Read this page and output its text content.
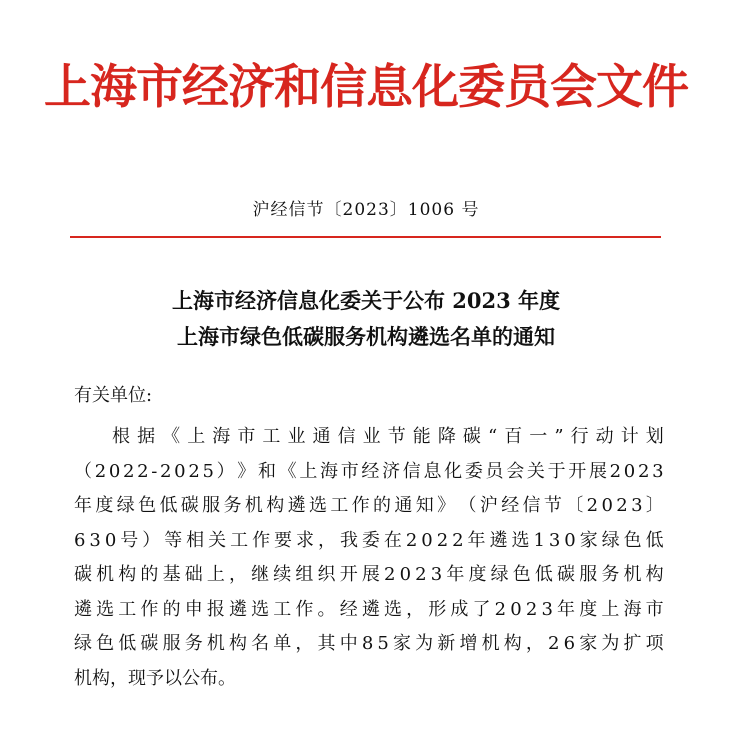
上海市经济和信息化委员会文件
沪经信节〔2023〕1006 号
上海市经济信息化委关于公布 2023 年度
上海市绿色低碳服务机构遴选名单的通知
有关单位:
根 据 《 上 海 市 工 业 通 信 业 节 能 降 碳 “ 百 一 ” 行 动 计 划
（ 2 0 2 2 - 2 0 2 5 ） 》 和 《 上 海 市 经 济 信 息 化 委 员 会 关 于 开 展 2 0 2 3
年 度 绿 色 低 碳 服 务 机 构 遴 选 工 作 的 通 知 》 （ 沪 经 信 节 〔 2 0 2 3 〕
6 3 0 号 ） 等 相 关 工 作 要 求 ， 我 委 在 2 0 2 2 年 遴 选 1 3 0 家 绿 色 低
碳 机 构 的 基 础 上 ， 继 续 组 织 开 展 2 0 2 3 年 度 绿 色 低 碳 服 务 机 构
遴 选 工 作 的 申 报 遴 选 工 作 。 经 遴 选 ， 形 成 了 2 0 2 3 年 度 上 海 市
绿 色 低 碳 服 务 机 构 名 单 ， 其 中 8 5 家 为 新 增 机 构 ， 2 6 家 为 扩 项
机构，现予以公布。
